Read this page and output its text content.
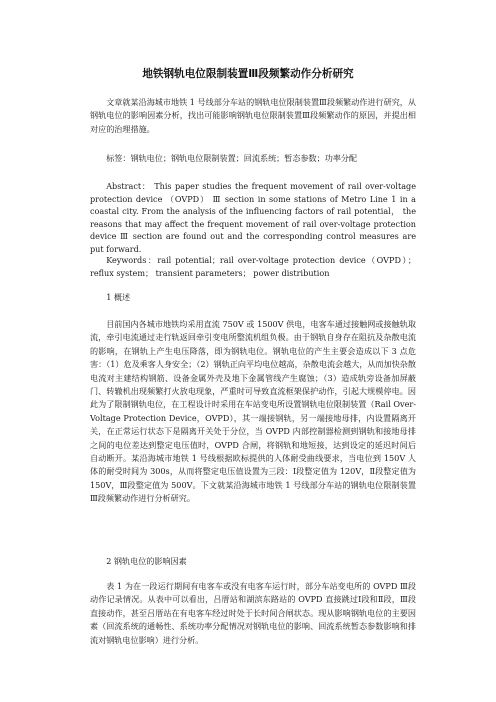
地铁钢轨电位限制装置Ⅲ段频繁动作分析研究

文章就某沿海城市地铁 1 号线部分车站的钢轨电位限制装置Ⅲ段频繁动作进行研究，从钢轨电位的影响因素分析，找出可能影响钢轨电位限制装置Ⅲ段频繁动作的原因，并提出相对应的治理措施。

标签：钢轨电位；钢轨电位限制装置；回流系统；暂态参数；功率分配

Abstract： This paper studies the frequent movement of rail over-voltage protection device （OVPD） Ⅲ section in some stations of Metro Line 1 in a coastal city. From the analysis of the influencing factors of rail potential， the reasons that may affect the frequent movement of rail over-voltage protection device Ⅲ section are found out and the corresponding control measures are put forward.

Keywords：rail potential；rail over-voltage protection device（OVPD）；reflux system； transient parameters； power distribution

1 概述

目前国内各城市地铁均采用直流 750V 或 1500V 供电，电客车通过接触网或接触轨取流，牵引电流通过走行轨返回牵引变电所整流机组负极。由于钢轨自身存在阻抗及杂散电流的影响，在钢轨上产生电压降落，即为钢轨电位。钢轨电位的产生主要会造成以下 3 点危害：（1）危及乘客人身安全；（2）钢轨正向平均电位越高，杂散电流会越大，从而加快杂散电流对主建结构钢筋、设备金属外壳及地下金属管线产生腐蚀；（3）造成轨旁设备加屏蔽门、转辙机出现频繁打火放电现象，严重时可导致直流框架保护动作，引起大规模停电。因此为了限制钢轨电位，在工程设计时采用在车站变电所设置钢轨电位限制装置（Rail Over-Voltage Protection Device，OVPD），其一端接钢轨，另一端接地母排，内设置隔离开关，在正常运行状态下是隔离开关处于分位，当 OVPD 内部控制器检测到钢轨和接地母排之间的电位差达到整定电压值时，OVPD 合闸，将钢轨和地短接，达到设定的延迟时间后自动断开。某沿海城市地铁 1 号线根据欧标提供的人体耐受曲线要求，当电位到 150V 人体的耐受时间为 300s，从而将整定电压值设置为三段：Ⅰ段整定值为 120V，Ⅱ段整定值为 150V，Ⅲ段整定值为 500V。下文就某沿海城市地铁 1 号线部分车站的钢轨电位限制装置Ⅲ段频繁动作进行分析研究。

2 钢轨电位的影响因素

表 1 为在一段运行期间有电客车或没有电客车运行时，部分车站变电所的 OVPD Ⅲ段动作记录情况。从表中可以看出，吕厝站和湖滨东路站的 OVPD 直接跳过Ⅰ段和Ⅱ段，Ⅲ段直接动作，甚至吕厝站在有电客车经过时处于长时间合闸状态。现从影响钢轨电位的主要因素（回流系统的通畅性、系统功率分配情况对钢轨电位的影响、回流系统暂态参数影响和排流对钢轨电位影响）进行分析。
